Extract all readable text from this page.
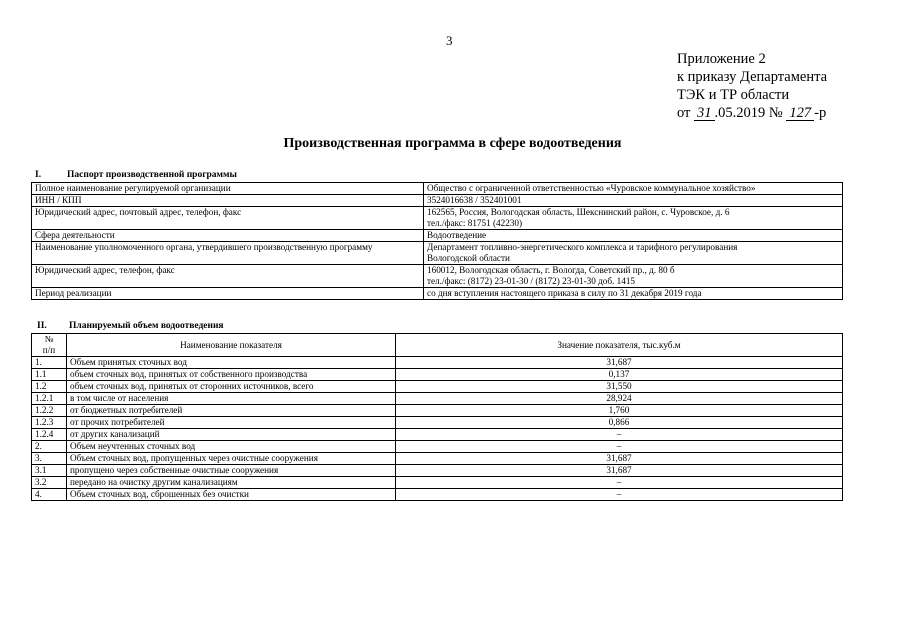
3
Приложение 2
к приказу Департамента
ТЭК и ТР области
от 31 .05.2019 № 127 -р
Производственная программа в сфере водоотведения
I.	Паспорт производственной программы
Полное наименование регулируемой организации	Общество с ограниченной ответственностью «Чуровское коммунальное хозяйство»

ИНН / КПП	3524016638 / 352401001

Юридический адрес, почтовый адрес, телефон, факс	162565, Россия, Вологодская область, Шекснинский район, с. Чуровское, д. 6
тел./факс: 81751 (42230)

Сфера деятельности	Водоотведение

Наименование уполномоченного органа, утвердившего производственную программу	Департамент топливно-энергетического комплекса и тарифного регулирования
Вологодской области

Юридический адрес, телефон, факс	160012, Вологодская область, г. Вологда, Советский пр., д. 80 б
тел./факс: (8172) 23-01-30 / (8172) 23-01-30 доб. 1415

Период реализации	со дня вступления настоящего приказа в силу по 31 декабря 2019 года
II. Планируемый объем водоотведения
№
п/п	Наименование показателя	Значение показателя, тыс.куб.м
1.	Объем принятых сточных вод	31,687
1.1	объем сточных вод, принятых от собственного производства	0,137
1.2	объем сточных вод, принятых от сторонних источников, всего	31,550
1.2.1	в том числе от населения	28,924
1.2.2	от бюджетных потребителей	1,760
1.2.3	от прочих потребителей	0,866
1.2.4	от других канализаций	–
2.	Объем неучтенных сточных вод	–
3.	Объем сточных вод, пропущенных через очистные сооружения	31,687
3.1	пропущено через собственные очистные сооружения	31,687
3.2	передано на очистку другим канализациям	–
4.	Объем сточных вод, сброшенных без очистки	–
